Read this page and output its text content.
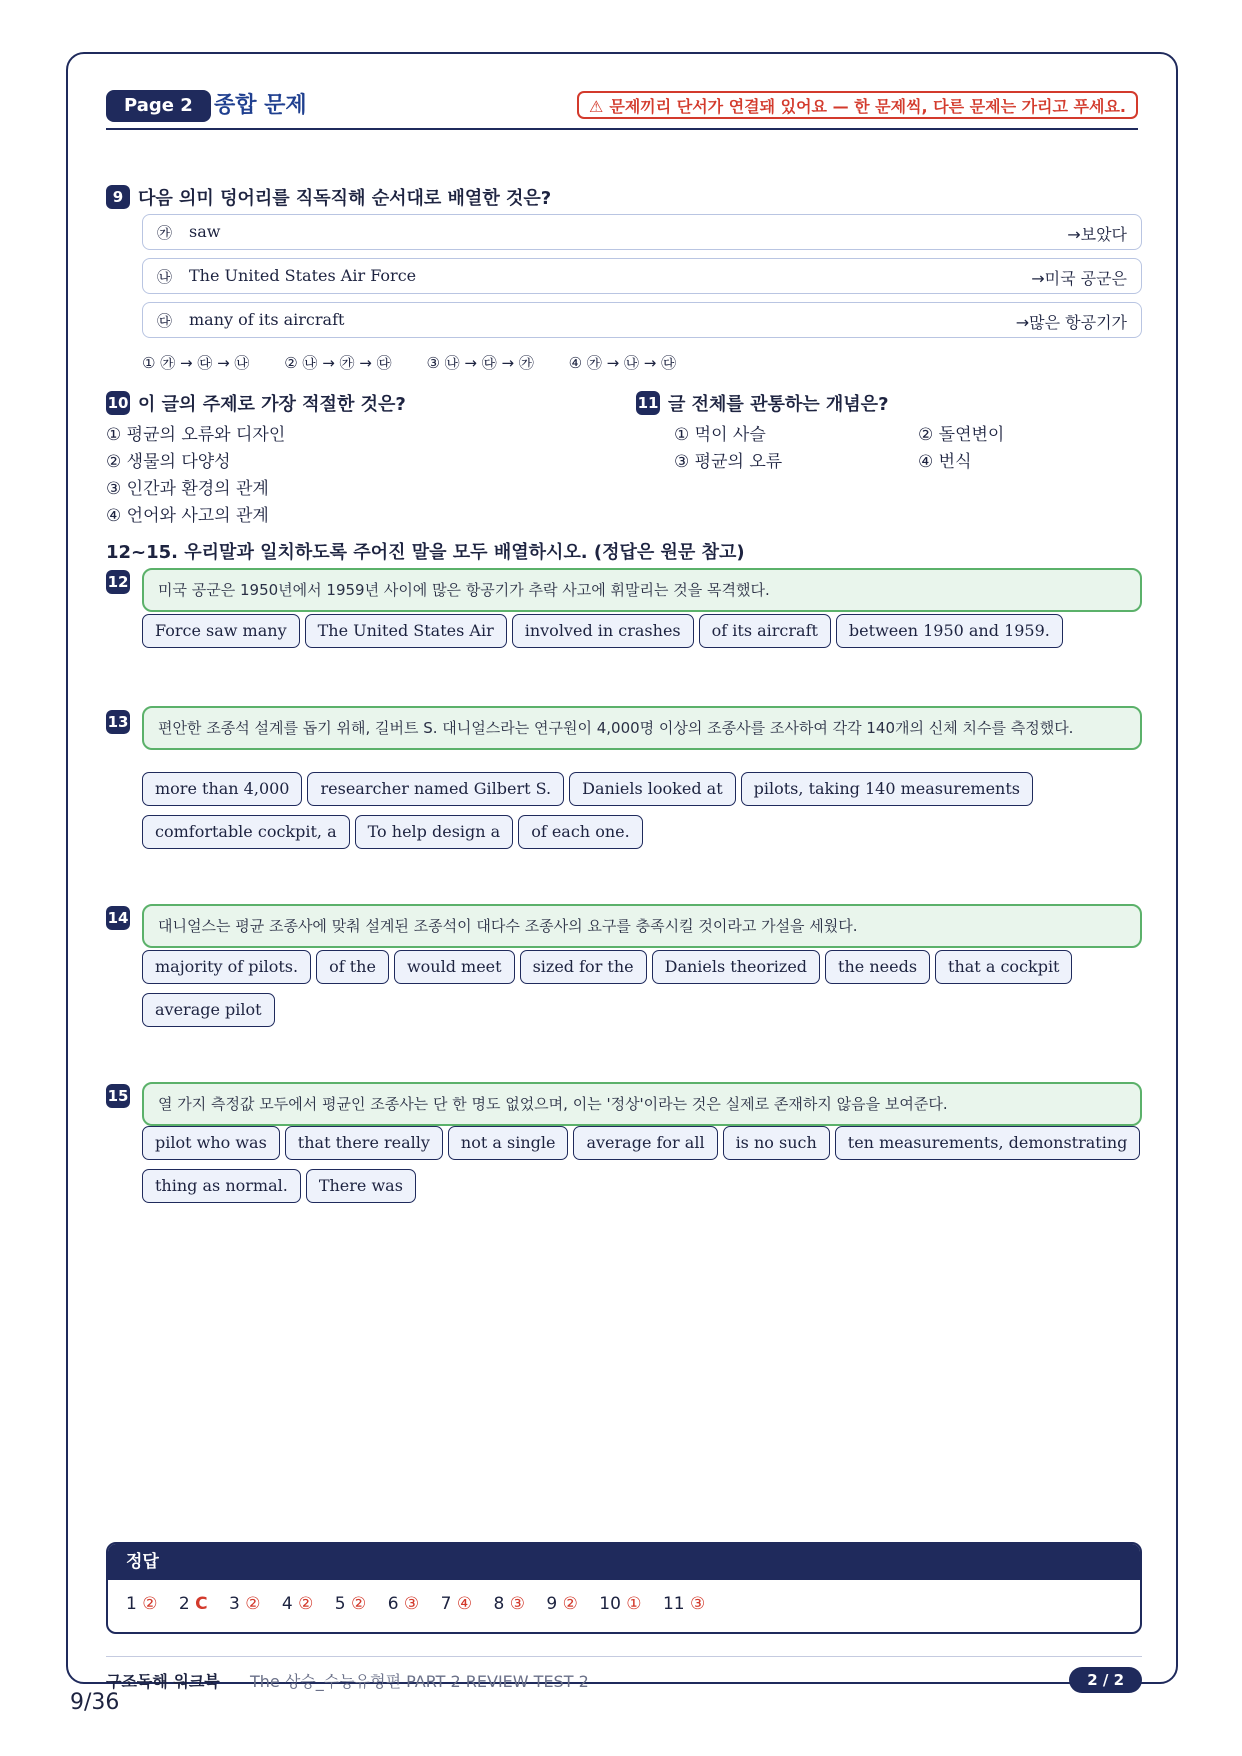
Page 2 종합 문제	⚠ 문제끼리 단서가 연결돼 있어요 — 한 문제씩, 다른 문제는 가리고 푸세요.
9 다음 의미 덩어리를 직독직해 순서대로 배열한 것은?
㉮ saw	→보았다
㉯ The United States Air Force	→미국 공군은
㉰ many of its aircraft	→많은 항공기가
① ㉮ → ㉰ → ㉯ ② ㉯ → ㉮ → ㉰ ③ ㉯ → ㉰ → ㉮ ④ ㉮ → ㉯ → ㉰
10 이 글의 주제로 가장 적절한 것은?
① 평균의 오류와 디자인
② 생물의 다양성
③ 인간과 환경의 관계
④ 언어와 사고의 관계
11 글 전체를 관통하는 개념은?
① 먹이 사슬	② 돌연변이
③ 평균의 오류	④ 번식
12~15. 우리말과 일치하도록 주어진 말을 모두 배열하시오. (정답은 원문 참고)
12	미국 공군은 1950년에서 1959년 사이에 많은 항공기가 추락 사고에 휘말리는 것을 목격했다.
Force saw many The United States Air involved in crashes of its aircraft between 1950 and 1959.
13	편안한 조종석 설계를 돕기 위해, 길버트 S. 대니얼스라는 연구원이 4,000명 이상의 조종사를 조사하여 각각 140개의 신체 치수를 측정했다.
more than 4,000 researcher named Gilbert S. Daniels looked at pilots, taking 140 measurementscomfortable cockpit, a To help design a of each one.
14	대니얼스는 평균 조종사에 맞춰 설계된 조종석이 대다수 조종사의 요구를 충족시킬 것이라고 가설을 세웠다.
majority of pilots. of the would meet sized for the Daniels theorized the needs that a cockpitaverage pilot
15	열 가지 측정값 모두에서 평균인 조종사는 단 한 명도 없었으며, 이는 '정상'이라는 것은 실제로 존재하지 않음을 보여준다.
pilot who was that there really not a single average for all is no such ten measurements, demonstratingthing as normal. There was
정답
1 ② 2 C 3 ② 4 ② 5 ② 6 ③ 7 ④ 8 ③ 9 ② 10 ① 11 ③
구조독해 워크북 The 상승_수능유형편 PART 2 REVIEW TEST 2	2 / 2
9/36
